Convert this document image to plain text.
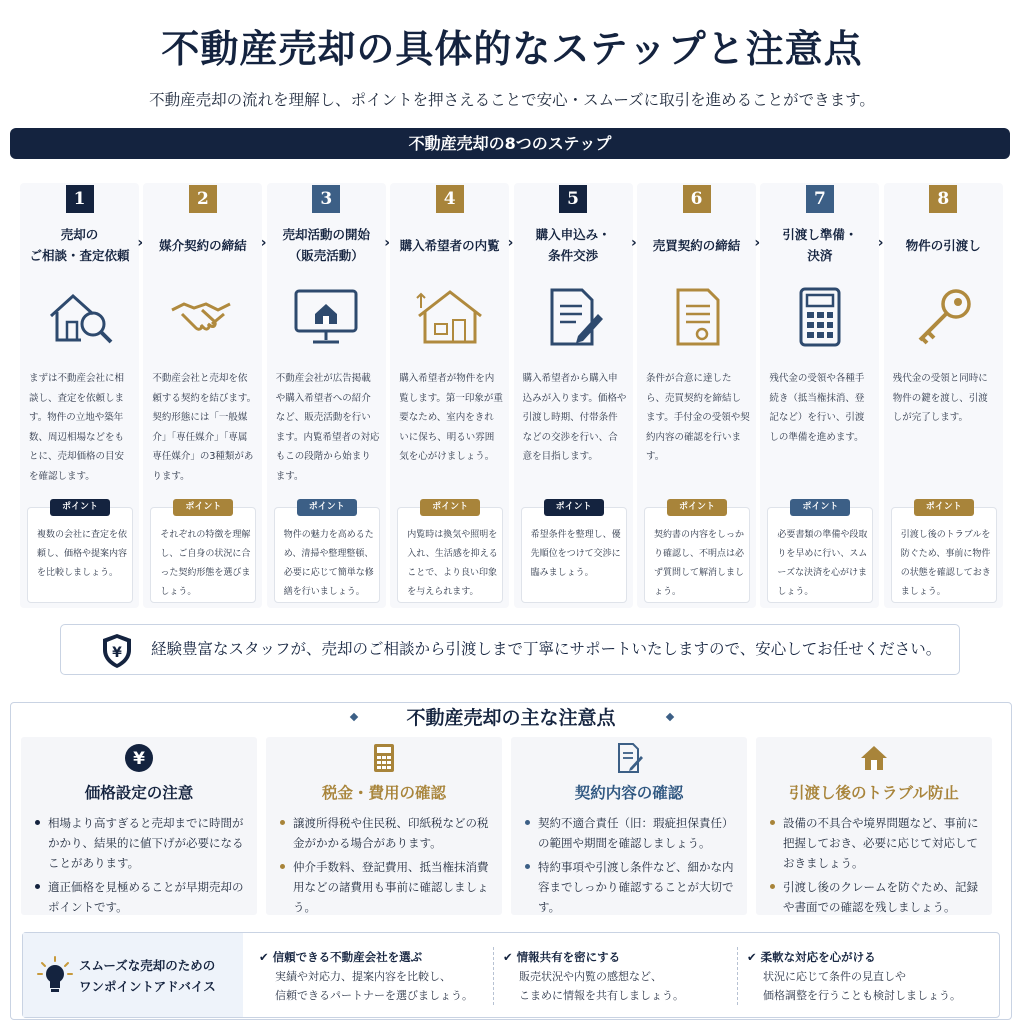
不動産売却の具体的なステップと注意点
不動産売却の流れを理解し、ポイントを押さえることで安心・スムーズに取引を進めることができます。
不動産売却の8つのステップ
1
売却の
ご相談・査定依頼
まずは不動産会社に相談し、査定を依頼します。物件の立地や築年数、周辺相場などをもとに、売却価格の目安を確認します。
ポイント
複数の会社に査定を依頼し、価格や提案内容を比較しましょう。
2
媒介契約の締結
不動産会社と売却を依頼する契約を結びます。契約形態には「一般媒介」「専任媒介」「専属専任媒介」の3種類があります。
ポイント
それぞれの特徴を理解し、ご自身の状況に合った契約形態を選びましょう。
›
3
売却活動の開始
（販売活動）
不動産会社が広告掲載や購入希望者への紹介など、販売活動を行います。内覧希望者の対応もこの段階から始まります。
ポイント
物件の魅力を高めるため、清掃や整理整頓、必要に応じて簡単な修繕を行いましょう。
›
4
購入希望者の内覧
購入希望者が物件を内覧します。第一印象が重要なため、室内をきれいに保ち、明るい雰囲気を心がけましょう。
ポイント
内覧時は換気や照明を入れ、生活感を抑えることで、より良い印象を与えられます。
›
5
購入申込み・
条件交渉
購入希望者から購入申込みが入ります。価格や引渡し時期、付帯条件などの交渉を行い、合意を目指します。
ポイント
希望条件を整理し、優先順位をつけて交渉に臨みましょう。
›
6
売買契約の締結
条件が合意に達したら、売買契約を締結します。手付金の受領や契約内容の確認を行います。
ポイント
契約書の内容をしっかり確認し、不明点は必ず質問して解消しましょう。
›
7
引渡し準備・
決済
残代金の受領や各種手続き（抵当権抹消、登記など）を行い、引渡しの準備を進めます。
ポイント
必要書類の準備や段取りを早めに行い、スムーズな決済を心がけましょう。
›
8
物件の引渡し
残代金の受領と同時に物件の鍵を渡し、引渡しが完了します。
ポイント
引渡し後のトラブルを防ぐため、事前に物件の状態を確認しておきましょう。
›
¥ 経験豊富なスタッフが、売却のご相談から引渡しまで丁寧にサポートいたしますので、安心してお任せください。
不動産売却の主な注意点
¥
価格設定の注意
相場より高すぎると売却までに時間がかかり、結果的に値下げが必要になることがあります。
適正価格を見極めることが早期売却のポイントです。
税金・費用の確認
譲渡所得税や住民税、印紙税などの税金がかかる場合があります。
仲介手数料、登記費用、抵当権抹消費用などの諸費用も事前に確認しましょう。
契約内容の確認
契約不適合責任（旧：瑕疵担保責任）の範囲や期間を確認しましょう。
特約事項や引渡し条件など、細かな内容までしっかり確認することが大切です。
引渡し後のトラブル防止
設備の不具合や境界問題など、事前に把握しておき、必要に応じて対応しておきましょう。
引渡し後のクレームを防ぐため、記録や書面での確認を残しましょう。
スムーズな売却のための
ワンポイントアドバイス
✔ 信頼できる不動産会社を選ぶ
実績や対応力、提案内容を比較し、
信頼できるパートナーを選びましょう。
✔ 情報共有を密にする
販売状況や内覧の感想など、
こまめに情報を共有しましょう。
✔ 柔軟な対応を心がける
状況に応じて条件の見直しや
価格調整を行うことも検討しましょう。
